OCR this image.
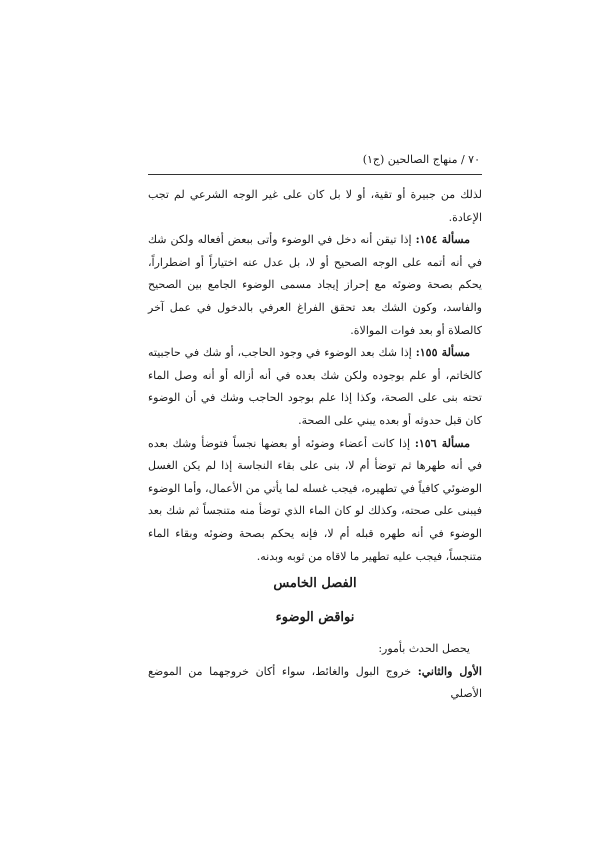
٧٠ / منهاج الصالحين (ج١)

لذلك من جبيرة أو تقية، أو لا بل كان على غير الوجه الشرعي لم تجب الإعادة.

مسألة ١٥٤: إذا تيقن أنه دخل في الوضوء وأتى ببعض أفعاله ولكن شك في أنه أتمه على الوجه الصحيح أو لا، بل عدل عنه اختياراً أو اضطراراً، يحكم بصحة وضوئه مع إحراز إيجاد مسمى الوضوء الجامع بين الصحيح والفاسد، وكون الشك بعد تحقق الفراغ العرفي بالدخول في عمل آخر كالصلاة أو بعد فوات الموالاة.

مسألة ١٥٥: إذا شك بعد الوضوء في وجود الحاجب، أو شك في حاجبيته كالخاتم، أو علم بوجوده ولكن شك بعده في أنه أزاله أو أنه وصل الماء تحته بنى على الصحة، وكذا إذا علم بوجود الحاجب وشك في أن الوضوء كان قبل حدوثه أو بعده يبني على الصحة.

مسألة ١٥٦: إذا كانت أعضاء وضوئه أو بعضها نجساً فتوضأ وشك بعده في أنه طهرها ثم توضأ أم لا، بنى على بقاء النجاسة إذا لم يكن الغسل الوضوئي كافياً في تطهيره، فيجب غسله لما يأتي من الأعمال، وأما الوضوء فيبنى على صحته، وكذلك لو كان الماء الذي توضأ منه متنجساً ثم شك بعد الوضوء في أنه طهره قبله أم لا، فإنه يحكم بصحة وضوئه وبقاء الماء متنجساً، فيجب عليه تطهير ما لاقاه من ثوبه وبدنه.

الفصل الخامس
نواقض الوضوء

يحصل الحدث بأمور:

الأول والثاني: خروج البول والغائط، سواء أكان خروجهما من الموضع الأصلي
